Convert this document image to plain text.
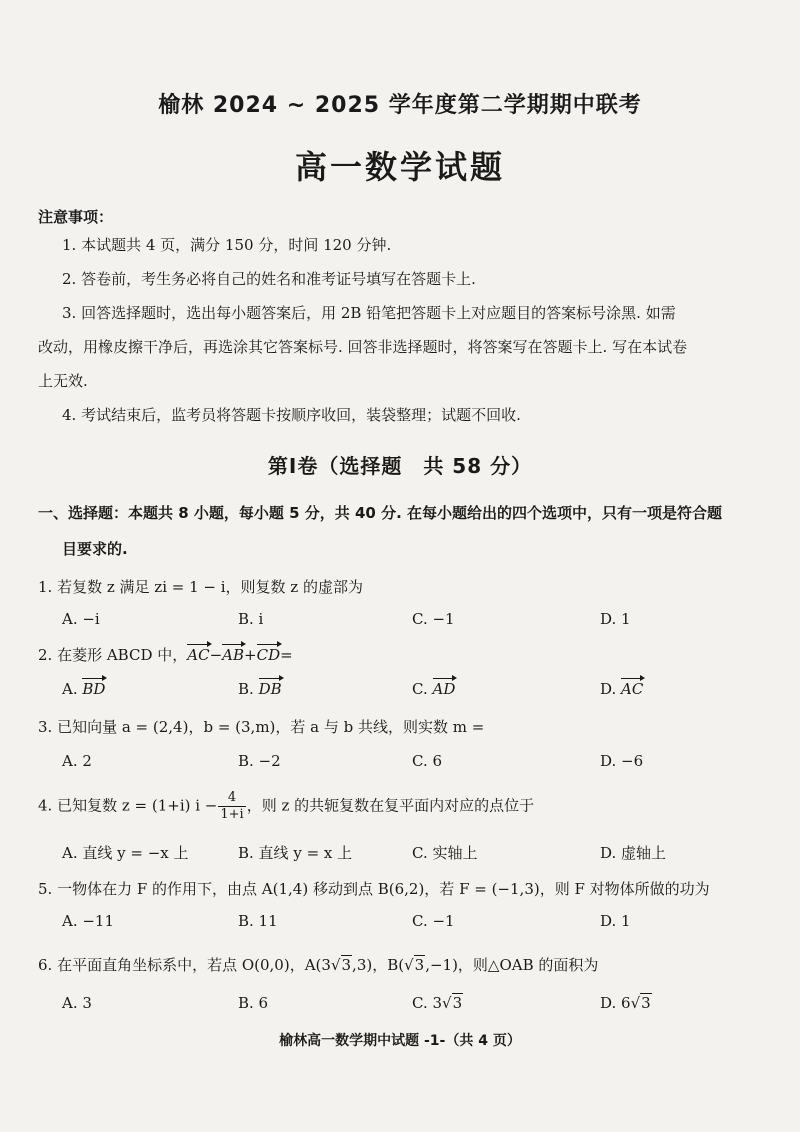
榆林 2024 ~ 2025 学年度第二学期期中联考
高一数学试题
注意事项：
1. 本试题共 4 页，满分 150 分，时间 120 分钟.
2. 答卷前，考生务必将自己的姓名和准考证号填写在答题卡上.
3. 回答选择题时，选出每小题答案后，用 2B 铅笔把答题卡上对应题目的答案标号涂黑. 如需
改动，用橡皮擦干净后，再选涂其它答案标号. 回答非选择题时，将答案写在答题卡上. 写在本试卷
上无效.
4. 考试结束后，监考员将答题卡按顺序收回，装袋整理；试题不回收.
第Ⅰ卷（选择题　共 58 分）
一、选择题：本题共 8 小题，每小题 5 分，共 40 分. 在每小题给出的四个选项中，只有一项是符合题
目要求的.
1. 若复数 z 满足 zi = 1 − i，则复数 z 的虚部为
A. −i	B. i	C. −1	D. 1
2. 在菱形 ABCD 中，AC−AB+CD=
A. BD	B. DB	C. AD	D. AC
3. 已知向量 a = (2,4)，b = (3,m)，若 a 与 b 共线，则实数 m =
A. 2	B. −2	C. 6	D. −6
4. 已知复数 z = (1+i) $i - \frac{4}{1+i}$ ，则 z 的共轭复数在复平面内对应的点位于
A. 直线 y = −x 上	B. 直线 y = x 上	C. 实轴上	D. 虚轴上
5. 一物体在力 F 的作用下，由点 A(1,4) 移动到点 B(6,2)，若 F = (−1,3)，则 F 对物体所做的功为
A. −11	B. 11	C. −1	D. 1
6. 在平面直角坐标系中，若点 O(0,0)，A(3√3,3)，B(√3,−1)，则△OAB 的面积为
A. 3	B. 6	C. 3√3	D. 6√3
榆林高一数学期中试题 -1-（共 4 页）
